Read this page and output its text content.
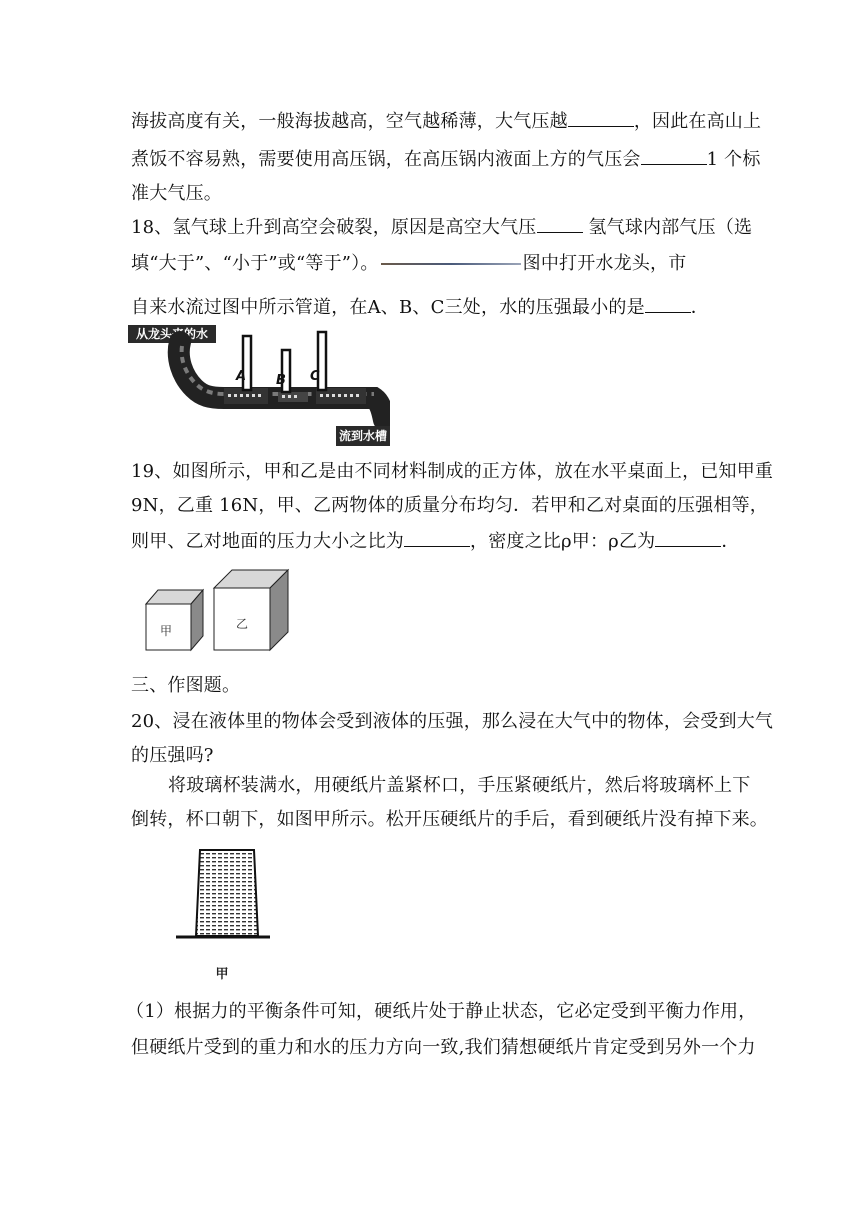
海拔高度有关，一般海拔越高，空气越稀薄，大气压越	，因此在高山上
煮饭不容易熟，需要使用高压锅，在高压锅内液面上方的气压会	1 个标
准大气压。
18、氢气球上升到高空会破裂，原因是高空大气压	氢气球内部气压（选
填“大于”、“小于”或“等于”）。	图中打开水龙头，市
自来水流过图中所示管道，在A、B、C三处，水的压强最小的是	．
从龙头来的水
A B C
流到水槽
19、如图所示，甲和乙是由不同材料制成的正方体，放在水平桌面上，已知甲重
9N，乙重 16N，甲、乙两物体的质量分布均匀．若甲和乙对桌面的压强相等，
则甲、乙对地面的压力大小之比为	，密度之比ρ甲：ρ乙为	．
甲	乙
三、作图题。
20、浸在液体里的物体会受到液体的压强，那么浸在大气中的物体，会受到大气
的压强吗?
将玻璃杯装满水，用硬纸片盖紧杯口，手压紧硬纸片，然后将玻璃杯上下
倒转，杯口朝下，如图甲所示。松开压硬纸片的手后，看到硬纸片没有掉下来。
甲
（1）根据力的平衡条件可知，硬纸片处于静止状态，它必定受到平衡力作用，
但硬纸片受到的重力和水的压力方向一致,我们猜想硬纸片肯定受到另外一个力
